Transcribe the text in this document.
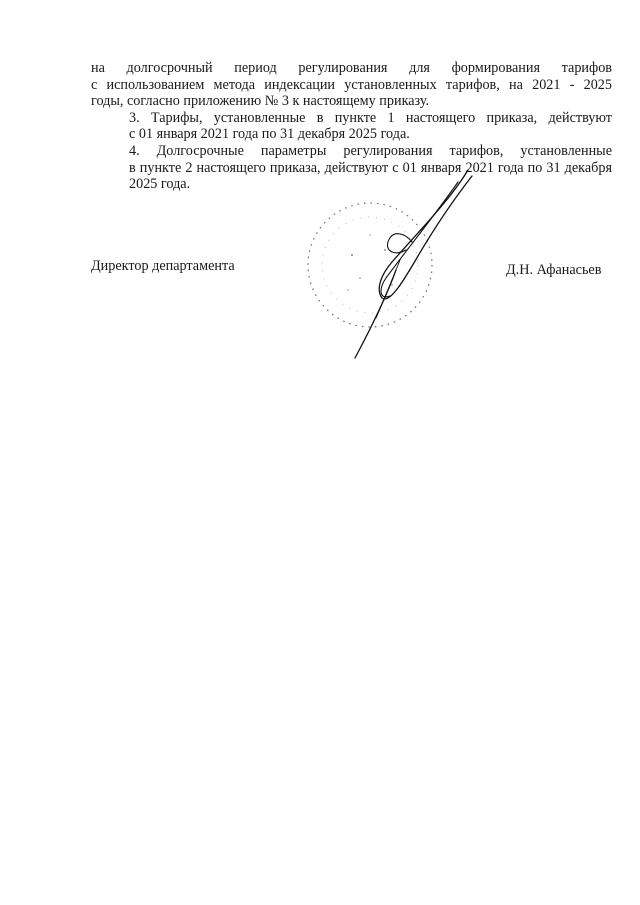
на долгосрочный период регулирования для формирования тарифов
с использованием метода индексации установленных тарифов, на 2021 - 2025
годы, согласно приложению № 3 к настоящему приказу.

3. Тарифы, установленные в пункте 1 настоящего приказа, действуют
с 01 января 2021 года по 31 декабря 2025 года.

4. Долгосрочные параметры регулирования тарифов, установленные
в пункте 2 настоящего приказа, действуют с 01 января 2021 года по 31 декабря
2025 года.

Директор департамента	Д.Н. Афанасьев
